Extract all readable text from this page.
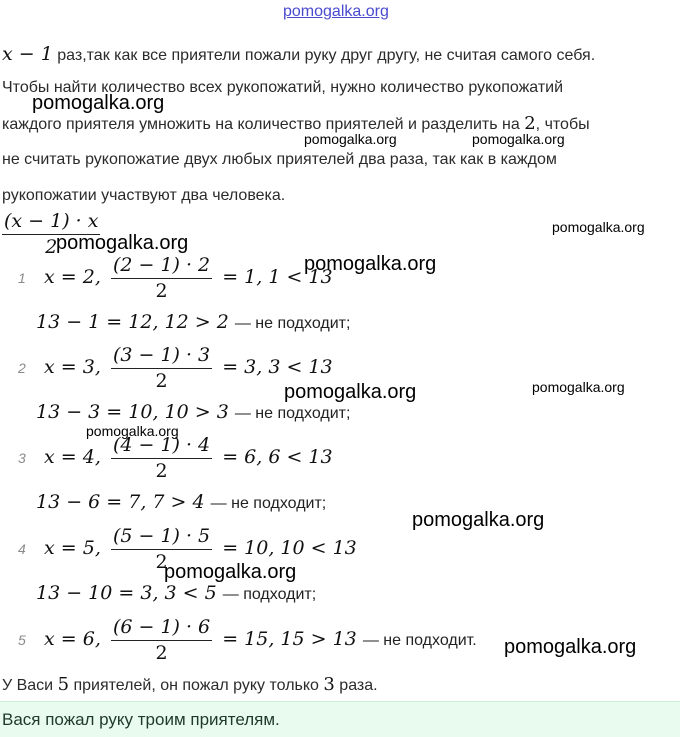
pomogalka.org
x − 1 раз,так как все приятели пожали руку друг другу, не считая самого себя.
Чтобы найти количество всех рукопожатий, нужно количество рукопожатий
каждого приятеля умножить на количество приятелей и разделить на 2, чтобы
не считать рукопожатие двух любых приятелей два раза, так как в каждом
рукопожатии участвуют два человека.
$\frac{(x - 1) \cdot x}{2}$
1 x = 2, $\frac{(2 - 1) \cdot 2}{2} = 1$, 1 < 13
13 − 1 = 12, 12 > 2 — не подходит;
2 x = 3, $\frac{(3 - 1) \cdot 3}{2} = 3$, 3 < 13
13 − 3 = 10, 10 > 3 — не подходит;
3 x = 4, $\frac{(4 - 1) \cdot 4}{2} = 6$, 6 < 13
13 − 6 = 7, 7 > 4 — не подходит;
4 x = 5, $\frac{(5 - 1) \cdot 5}{2} = 10$, 10 < 13
13 − 10 = 3, 3 < 5 — подходит;
5 x = 6, $\frac{(6 - 1) \cdot 6}{2} = 15$, 15 > 13 — не подходит.
У Васи 5 приятелей, он пожал руку только 3 раза.
Вася пожал руку троим приятелям.
pomogalka.org
pomogalka.org	pomogalka.org
pomogalka.org
pomogalka.org
pomogalka.org
pomogalka.org	pomogalka.org
pomogalka.org
pomogalka.org
pomogalka.org
pomogalka.org
